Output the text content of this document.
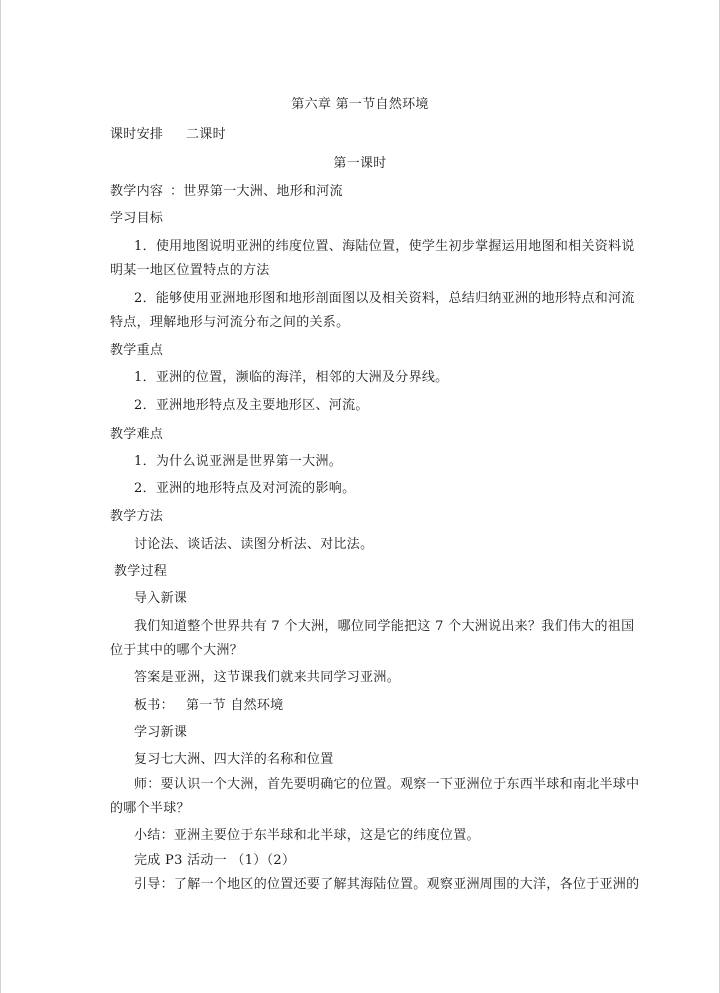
第六章 第一节自然环境
课时安排 二课时
第一课时
教学内容 ：世界第一大洲、地形和河流
学习目标
1．使用地图说明亚洲的纬度位置、海陆位置，使学生初步掌握运用地图和相关资料说
明某一地区位置特点的方法
2．能够使用亚洲地形图和地形剖面图以及相关资料，总结归纳亚洲的地形特点和河流
特点，理解地形与河流分布之间的关系。
教学重点
1．亚洲的位置，濒临的海洋，相邻的大洲及分界线。
2．亚洲地形特点及主要地形区、河流。
教学难点
1．为什么说亚洲是世界第一大洲。
2．亚洲的地形特点及对河流的影响。
教学方法
讨论法、谈话法、读图分析法、对比法。
教学过程
导入新课
我们知道整个世界共有 7 个大洲，哪位同学能把这 7 个大洲说出来？我们伟大的祖国
位于其中的哪个大洲？
答案是亚洲，这节课我们就来共同学习亚洲。
板书： 第一节 自然环境
学习新课
复习七大洲、四大洋的名称和位置
师：要认识一个大洲，首先要明确它的位置。观察一下亚洲位于东西半球和南北半球中
的哪个半球？
小结：亚洲主要位于东半球和北半球，这是它的纬度位置。
完成 P3 活动一 （1）（2）
引导：了解一个地区的位置还要了解其海陆位置。观察亚洲周围的大洋，各位于亚洲的
